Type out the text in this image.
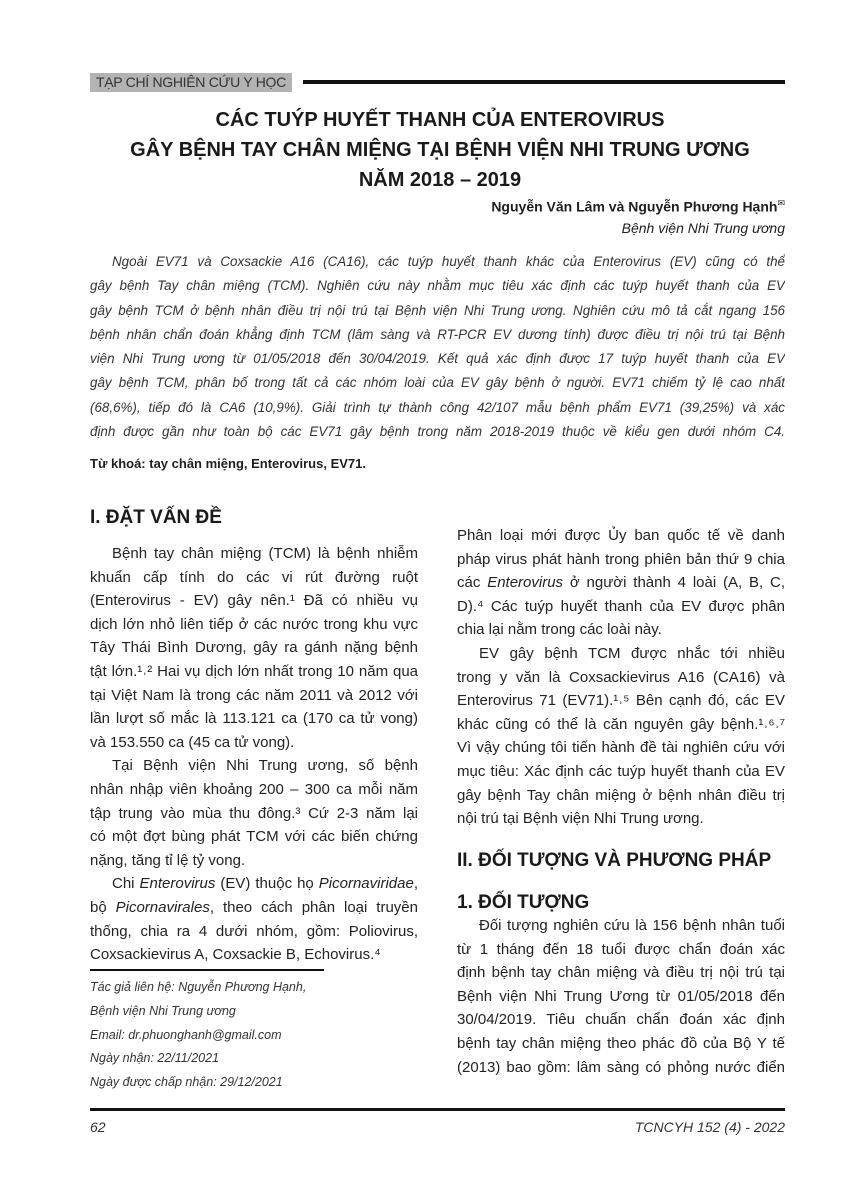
TẠP CHÍ NGHIÊN CỨU Y HỌC
CÁC TUÝP HUYẾT THANH CỦA ENTEROVIRUS
GÂY BỆNH TAY CHÂN MIỆNG TẠI BỆNH VIỆN NHI TRUNG ƯƠNG
NĂM 2018 – 2019
Nguyễn Văn Lâm và Nguyễn Phương Hạnh✉
Bệnh viện Nhi Trung ương
Ngoài EV71 và Coxsackie A16 (CA16), các tuýp huyết thanh khác của Enterovirus (EV) cũng có thể
gây bệnh Tay chân miệng (TCM). Nghiên cứu này nhằm mục tiêu xác định các tuýp huyết thanh của EV
gây bệnh TCM ở bệnh nhân điều trị nội trú tại Bệnh viện Nhi Trung ương. Nghiên cứu mô tả cắt ngang 156
bệnh nhân chẩn đoán khẳng định TCM (lâm sàng và RT-PCR EV dương tính) được điều trị nội trú tại Bệnh
viện Nhi Trung ương từ 01/05/2018 đến 30/04/2019. Kết quả xác định được 17 tuýp huyết thanh của EV
gây bệnh TCM, phân bố trong tất cả các nhóm loài của EV gây bệnh ở người. EV71 chiếm tỷ lệ cao nhất
(68,6%), tiếp đó là CA6 (10,9%). Giải trình tự thành công 42/107 mẫu bệnh phẩm EV71 (39,25%) và xác
định được gần như toàn bộ các EV71 gây bệnh trong năm 2018-2019 thuộc về kiểu gen dưới nhóm C4.
Từ khoá: tay chân miệng, Enterovirus, EV71.
I. ĐẶT VẤN ĐỀ
Bệnh tay chân miệng (TCM) là bệnh nhiễm
khuẩn cấp tính do các vi rút đường ruột
(Enterovirus - EV) gây nên.¹ Đã có nhiều vụ
dịch lớn nhỏ liên tiếp ở các nước trong khu vực
Tây Thái Bình Dương, gây ra gánh nặng bệnh
tật lớn.¹˒² Hai vụ dịch lớn nhất trong 10 năm qua
tại Việt Nam là trong các năm 2011 và 2012 với
lần lượt số mắc là 113.121 ca (170 ca tử vong)
và 153.550 ca (45 ca tử vong).
Tại Bệnh viện Nhi Trung ương, số bệnh
nhân nhập viên khoảng 200 – 300 ca mỗi năm
tập trung vào mùa thu đông.³ Cứ 2-3 năm lại
có một đợt bùng phát TCM với các biến chứng
nặng, tăng tỉ lệ tỷ vong.
Chi Enterovirus (EV) thuộc họ Picornaviridae,
bộ Picornavirales, theo cách phân loại truyền
thống, chia ra 4 dưới nhóm, gồm: Poliovirus,
Coxsackievirus A, Coxsackie B, Echovirus.⁴
Phân loại mới được Ủy ban quốc tế về danh
pháp virus phát hành trong phiên bản thứ 9 chia
các Enterovirus ở người thành 4 loài (A, B, C,
D).⁴ Các tuýp huyết thanh của EV được phân
chia lại nằm trong các loài này.
EV gây bệnh TCM được nhắc tới nhiều
trong y văn là Coxsackievirus A16 (CA16) và
Enterovirus 71 (EV71).¹˒⁵ Bên cạnh đó, các EV
khác cũng có thể là căn nguyên gây bệnh.¹˒⁶˒⁷
Vì vậy chúng tôi tiến hành đề tài nghiên cứu với
mục tiêu: Xác định các tuýp huyết thanh của EV
gây bệnh Tay chân miệng ở bệnh nhân điều trị
nội trú tại Bệnh viện Nhi Trung ương.
II. ĐỐI TƯỢNG VÀ PHƯƠNG PHÁP
1. ĐỐI TƯỢNG
Đối tượng nghiên cứu là 156 bệnh nhân tuổi
từ 1 tháng đến 18 tuổi được chẩn đoán xác
định bệnh tay chân miệng và điều trị nội trú tại
Bệnh viện Nhi Trung Ương từ 01/05/2018 đến
30/04/2019. Tiêu chuẩn chẩn đoán xác định
bệnh tay chân miệng theo phác đồ của Bộ Y tế
(2013) bao gồm: lâm sàng có phỏng nước điển
Tác giả liên hệ: Nguyễn Phương Hạnh,
Bệnh viện Nhi Trung ương
Email: dr.phuonghanh@gmail.com
Ngày nhận: 22/11/2021
Ngày được chấp nhận: 29/12/2021
62	TCNCYH 152 (4) - 2022
